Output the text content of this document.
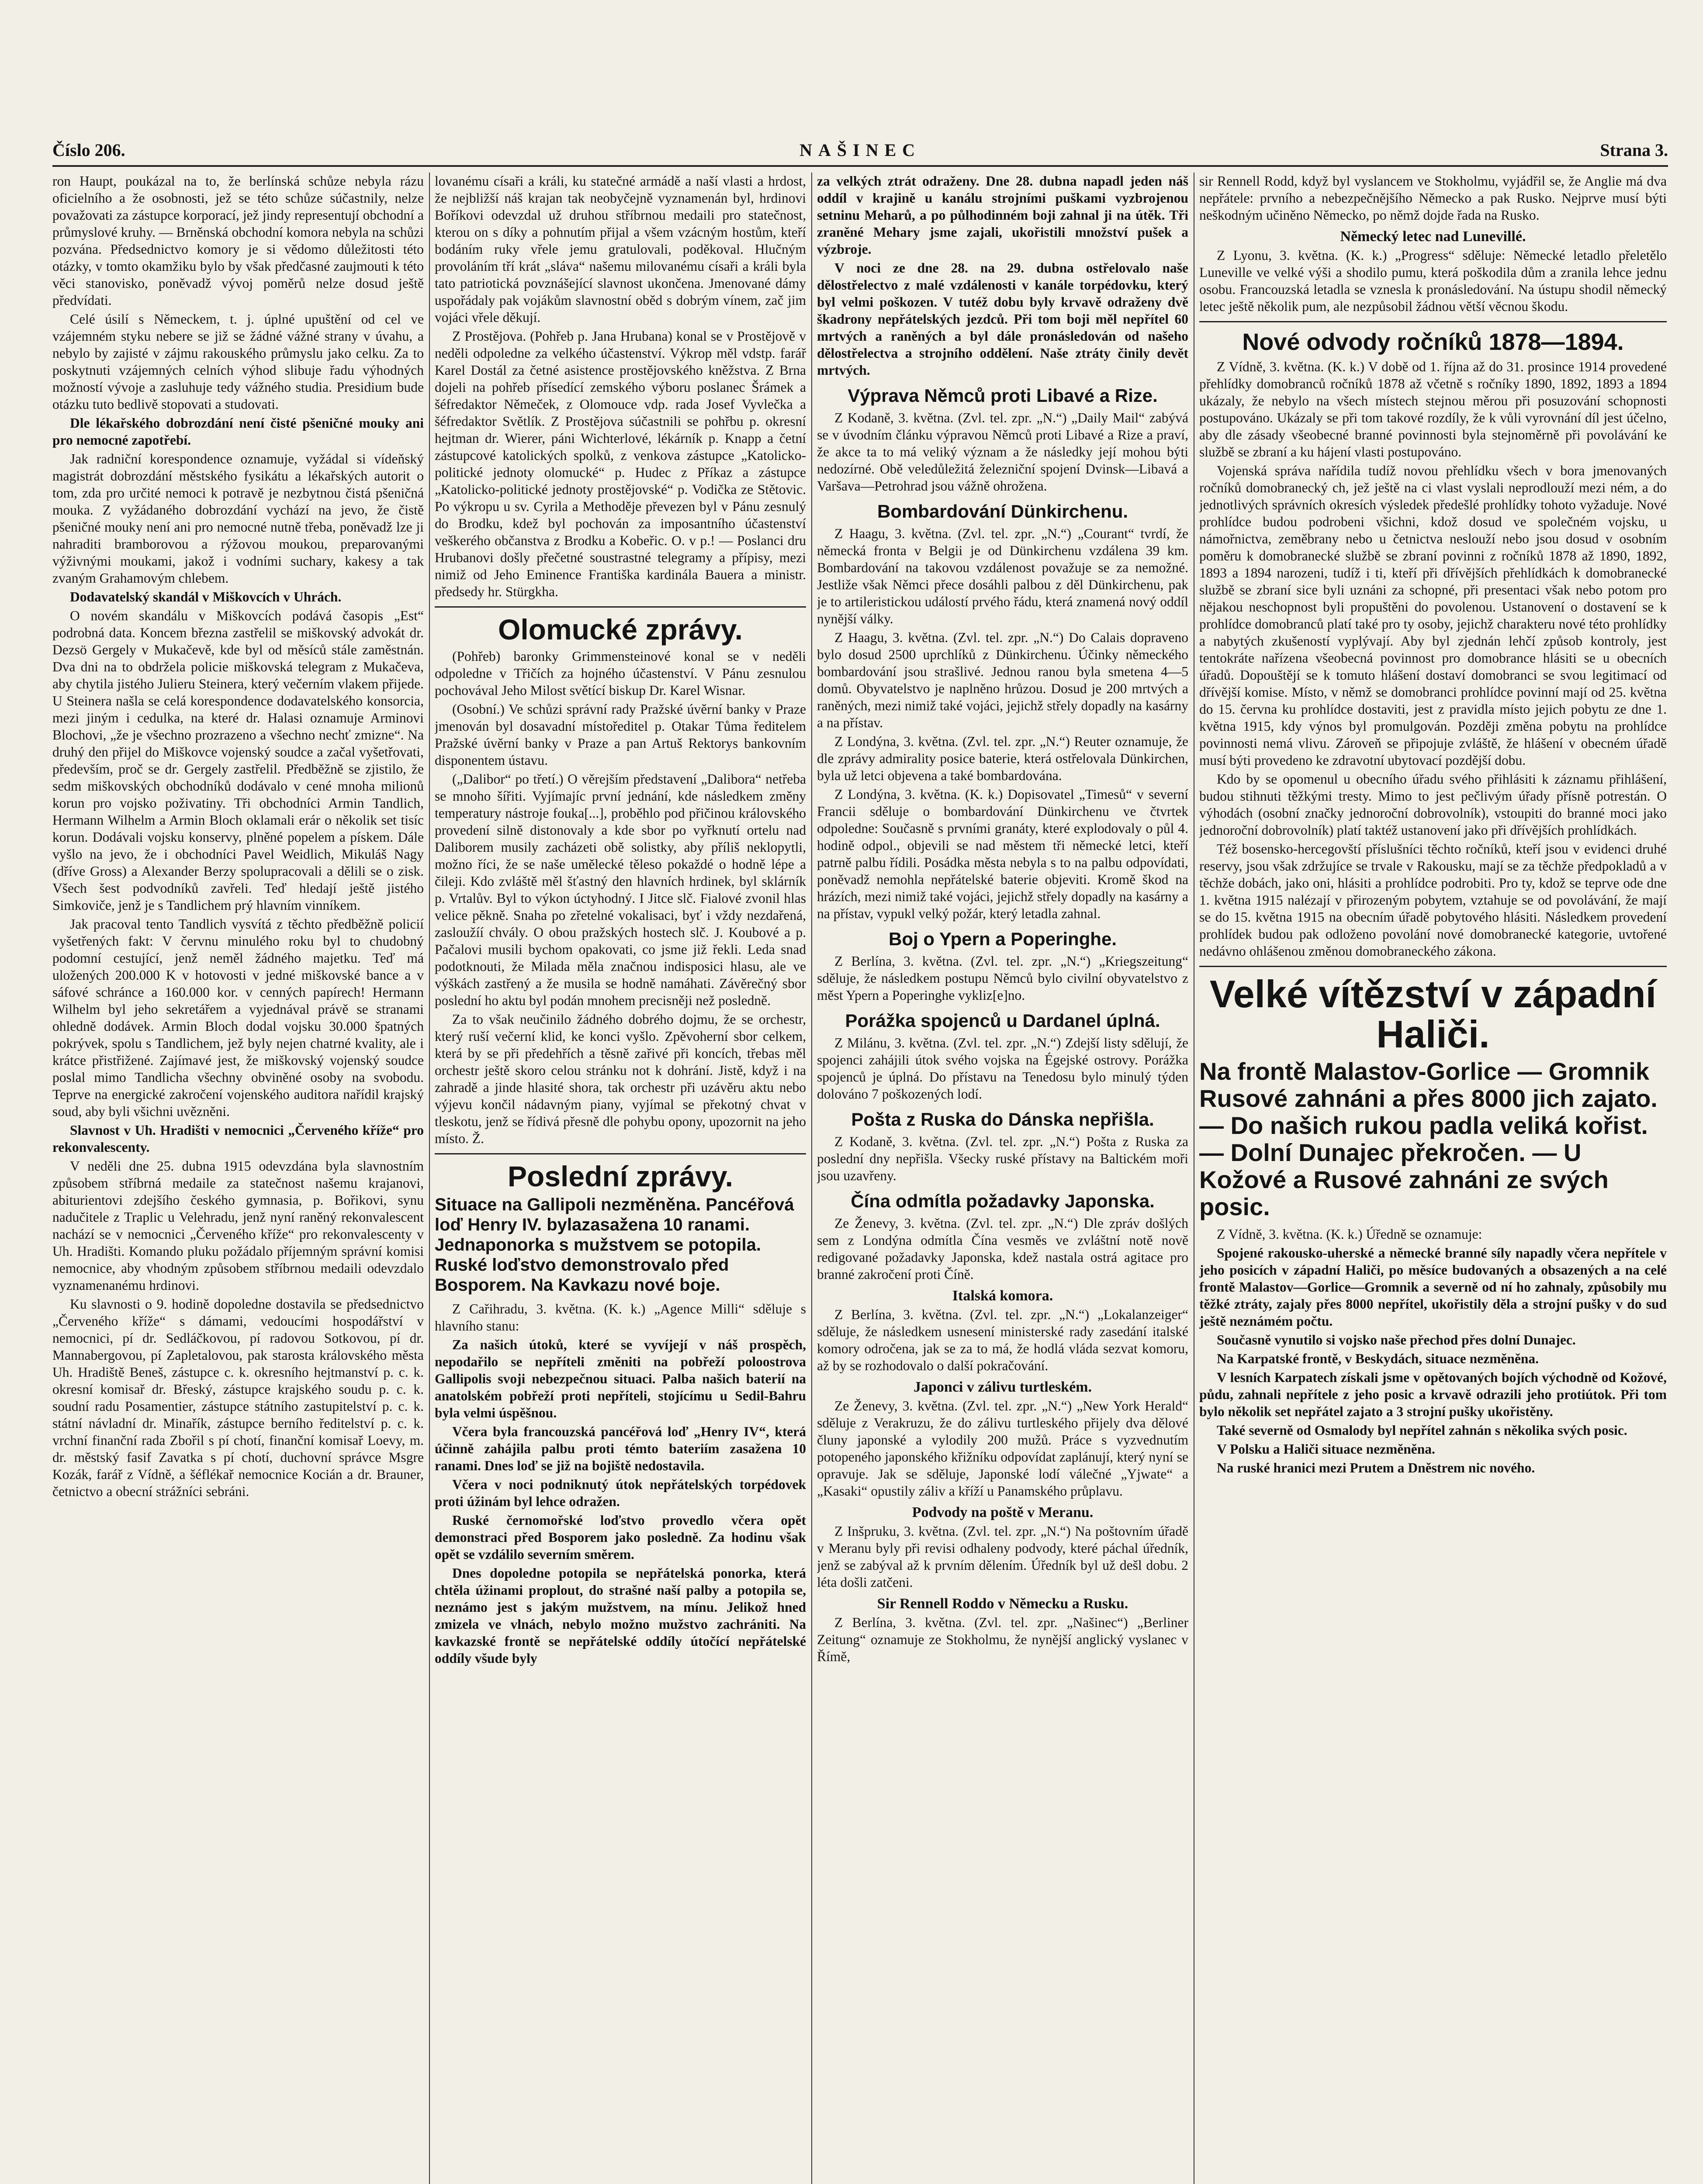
Číslo 206.	NAŠINEC	Strana 3.

ron Haupt, poukázal na to, že berlínská schůze nebyla rázu oficielního a že osobnosti, jež se této schůze súčastnily, nelze považovati za zástupce korporací, jež jindy representují obchodní a průmyslové kruhy. — Brněnská obchodní komora nebyla na schůzi pozvána. Předsednictvo komory je si vědomo důležitosti této otázky, v tomto okamžiku bylo by však předčasné zaujmouti k této věci stanovisko, poněvadž vývoj poměrů nelze dosud ještě předvídati.

Celé úsilí s Německem, t. j. úplné upuštění od cel ve vzájemném styku nebere se již se žádné vážné strany v úvahu, a nebylo by zajisté v zájmu rakouského průmyslu jako celku. Za to poskytnuti vzájemných celních výhod slibuje řadu výhodných možností vývoje a zasluhuje tedy vážného studia. Presidium bude otázku tuto bedlivě stopovati a studovati.

Dle lékařského dobrozdání není čisté pšeničné mouky ani pro nemocné zapotřebí.

Jak radniční korespondence oznamuje, vyžádal si vídeňský magistrát dobrozdání městského fysikátu a lékařských autorit o tom, zda pro určité nemoci k potravě je nezbytnou čistá pšeničná mouka. Z vyžádaného dobrozdání vychází na jevo, že čistě pšeničné mouky není ani pro nemocné nutně třeba, poněvadž lze ji nahraditi bramborovou a rýžovou moukou, preparovanými výživnými moukami, jakož i vodními suchary, kakesy a tak zvaným Grahamovým chlebem.

Dodavatelský skandál v Miškovcích v Uhrách.

O novém skandálu v Miškovcích podává časopis „Est“ podrobná data. Koncem března zastřelil se miškovský advokát dr. Dezsö Gergely v Mukačevě, kde byl od měsíců stále zaměstnán. Dva dni na to obdržela policie miškovská telegram z Mukačeva, aby chytila jistého Julieru Steinera, který večerním vlakem přijede. U Steinera našla se celá korespondence dodavatelského konsorcia, mezi jiným i cedulka, na které dr. Halasi oznamuje Arminovi Blochovi, „že je všechno prozrazeno a všechno nechť zmizne“. Na druhý den přijel do Miškovce vojenský soudce a začal vyšetřovati, především, proč se dr. Gergely zastřelil. Předběžně se zjistilo, že sedm miškovských obchodníků dodávalo v cené mnoha milionů korun pro vojsko poživatiny. Tři obchodníci Armin Tandlich, Hermann Wilhelm a Armin Bloch oklamali erár o několik set tisíc korun. Dodávali vojsku konservy, plněné popelem a pískem. Dále vyšlo na jevo, že i obchodníci Pavel Weidlich, Mikuláš Nagy (dříve Gross) a Alexander Berzy spolupracovali a dělili se o zisk. Všech šest podvodníků zavřeli. Teď hledají ještě jistého Simkoviče, jenž je s Tandlichem prý hlavním vinníkem.

Jak pracoval tento Tandlich vysvítá z těchto předběžně policií vyšetřených fakt: V červnu minulého roku byl to chudobný podomní cestující, jenž neměl žádného majetku. Teď má uložených 200.000 K v hotovosti v jedné miškovské bance a v sáfové schránce a 160.000 kor. v cenných papírech! Hermann Wilhelm byl jeho sekretářem a vyjednával právě se stranami ohledně dodávek. Armin Bloch dodal vojsku 30.000 špatných pokrývek, spolu s Tandlichem, jež byly nejen chatrné kvality, ale i krátce přistřižené. Zajímavé jest, že miškovský vojenský soudce poslal mimo Tandlicha všechny obviněné osoby na svobodu. Teprve na energické zakročení vojenského auditora nařídil krajský soud, aby byli všichni uvězněni.

Slavnost v Uh. Hradišti v nemocnici „Červeného kříže“ pro rekonvalescenty.

V neděli dne 25. dubna 1915 odevzdána byla slavnostním způsobem stříbrná medaile za statečnost našemu krajanovi, abiturientovi zdejšího českého gymnasia, p. Bořikovi, synu nadučitele z Traplic u Velehradu, jenž nyní raněný rekonvalescent nachází se v nemocnici „Červeného kříže“ pro rekonvalescenty v Uh. Hradišti. Komando pluku požádalo příjemným správní komisi nemocnice, aby vhodným způsobem stříbrnou medaili odevzdalo vyznamenanému hrdinovi.

Ku slavnosti o 9. hodině dopoledne dostavila se předsednictvo „Červeného kříže“ s dámami, vedoucími hospodářství v nemocnici, pí dr. Sedláčkovou, pí radovou Sotkovou, pí dr. Mannabergovou, pí Zapletalovou, pak starosta královského města Uh. Hradiště Beneš, zástupce c. k. okresního hejtmanství p. c. k. okresní komisař dr. Břeský, zástupce krajského soudu p. c. k. soudní radu Posamentier, zástupce státního zastupitelství p. c. k. státní návladní dr. Minařík, zástupce berního ředitelství p. c. k. vrchní finanční rada Zbořil s pí chotí, finanční komisař Loevy, m. dr. městský fasif Zavatka s pí chotí, duchovní správce Msgre Kozák, farář z Vídně, a šéflékař nemocnice Kocián a dr. Brauner, četnictvo a obecní strážníci sebráni.

lovanému císaři a králi, ku statečné armádě a naší vlasti a hrdost, že nejbližší náš krajan tak neobyčejně vyznamenán byl, hrdinovi Boříkovi odevzdal už druhou stříbrnou medaili pro statečnost, kterou on s díky a pohnutím přijal a všem vzácným hostům, kteří bodáním ruky vřele jemu gratulovali, poděkoval. Hlučným provoláním tří krát „sláva“ našemu milovanému císaři a králi byla tato patriotická povznášející slavnost ukončena. Jmenované dámy uspořádaly pak vojákům slavnostní oběd s dobrým vínem, zač jim vojáci vřele děkují.

Z Prostějova. (Pohřeb p. Jana Hrubana) konal se v Prostějově v neděli odpoledne za velkého účastenství. Výkrop měl vdstp. farář Karel Dostál za četné asistence prostějovského kněžstva. Z Brna dojeli na pohřeb přísedící zemského výboru poslanec Šrámek a šéfredaktor Němeček, z Olomouce vdp. rada Josef Vyvlečka a šéfredaktor Světlík. Z Prostějova súčastnili se pohřbu p. okresní hejtman dr. Wierer, páni Wichterlové, lékárník p. Knapp a četní zástupcové katolických spolků, z venkova zástupce „Katolicko-politické jednoty olomucké“ p. Hudec z Příkaz a zástupce „Katolicko-politické jednoty prostějovské“ p. Vodička ze Stětovic. Po výkropu u sv. Cyrila a Methoděje převezen byl v Pánu zesnulý do Brodku, kdež byl pochován za imposantního účastenství veškerého občanstva z Brodku a Kobeřic. O. v p.! — Poslanci dru Hrubanovi došly přečetné soustrastné telegramy a přípisy, mezi nimiž od Jeho Eminence Františka kardinála Bauera a ministr. předsedy hr. Stürgkha.

Olomucké zprávy.

(Pohřeb) baronky Grimmensteinové konal se v neděli odpoledne v Třičích za hojného účastenství. V Pánu zesnulou pochovával Jeho Milost světící biskup Dr. Karel Wisnar.

(Osobní.) Ve schůzi správní rady Pražské úvěrní banky v Praze jmenován byl dosavadní místoředitel p. Otakar Tůma ředitelem Pražské úvěrní banky v Praze a pan Artuš Rektorys bankovním disponentem ústavu.

(„Dalibor“ po třetí.) O věrejším představení „Dalibora“ netřeba se mnoho šířiti. Vyjímajíc první jednání, kde následkem změny temperatury nástroje fouka[...], proběhlo pod přičinou královského provedení silně distonovaly a kde sbor po vyřknutí ortelu nad Daliborem musily zacházeti obě solistky, aby příliš neklopytli, možno říci, že se naše umělecké těleso pokaždé o hodně lépe a čileji. Kdo zvláště měl šťastný den hlavních hrdinek, byl sklárník p. Vrtalův. Byl to výkon úctyhodný. I Jitce slč. Fialové zvonil hlas velice pěkně. Snaha po zřetelné vokalisaci, byť i vždy nezdařená, zasloužíí chvály. O obou pražských hostech slč. J. Koubové a p. Pačalovi musili bychom opakovati, co jsme již řekli. Leda snad podotknouti, že Milada měla značnou indisposici hlasu, ale ve výškách zastřený a že musila se hodně namáhati. Závěrečný sbor poslední ho aktu byl podán mnohem precisněji než posledně.

Za to však neučinilo žádného dobrého dojmu, že se orchestr, který ruší večerní klid, ke konci vyšlo. Zpěvoherní sbor celkem, která by se při předehřích a těsně zařivé při koncích, třebas měl orchestr ještě skoro celou stránku not k dohrání. Jistě, když i na zahradě a jinde hlasité shora, tak orchestr při uzávěru aktu nebo výjevu končil nádavným piany, vyjímal se překotný chvat v tleskotu, jenž se řídivá přesně dle pohybu opony, upozornit na jeho místo. Ž.

Poslední zprávy.
Situace na Gallipoli nezměněna. Pancéřová loď Henry IV. bylazasažena 10 ranami. Jednaponorka s mužstvem se potopila. Ruské loďstvo demonstrovalo před Bosporem. Na Kavkazu nové boje.

Z Cařihradu, 3. května. (K. k.) „Agence Milli“ sděluje s hlavního stanu:

Za našich útoků, které se vyvíjejí v náš prospěch, nepodařilo se nepříteli změniti na pobřeží poloostrova Gallipolis svoji nebezpečnou situaci. Palba našich baterií na anatolském pobřeží proti nepříteli, stojícímu u Sedil-Bahru byla velmi úspěšnou.

Včera byla francouzská pancéřová loď „Henry IV“, která účinně zahájila palbu proti témto bateriím zasažena 10 ranami. Dnes loď se již na bojiště nedostavila.

Včera v noci podniknutý útok nepřátelských torpédovek proti úžinám byl lehce odražen.

Ruské černomořské loďstvo provedlo včera opět demonstraci před Bosporem jako posledně. Za hodinu však opět se vzdálilo severním směrem.

Dnes dopoledne potopila se nepřátelská ponorka, která chtěla úžinami proplout, do strašné naší palby a potopila se, neznámo jest s jakým mužstvem, na mínu. Jelikož hned zmizela ve vlnách, nebylo možno mužstvo zachrániti. Na kavkazské frontě se nepřátelské oddíly útočící nepřátelské oddíly všude byly

za velkých ztrát odraženy. Dne 28. dubna napadl jeden náš oddíl v krajině u kanálu strojními puškami vyzbrojenou setninu Meharů, a po půlhodinném boji zahnal ji na útěk. Tři zraněné Mehary jsme zajali, ukořistili množství pušek a výzbroje.

V noci ze dne 28. na 29. dubna ostřelovalo naše dělostřelectvo z malé vzdálenosti v kanále torpédovku, který byl velmi poškozen. V tutéž dobu byly krvavě odraženy dvě škadrony nepřátelských jezdců. Při tom boji měl nepřítel 60 mrtvých a raněných a byl dále pronásledován od našeho dělostřelectva a strojního oddělení. Naše ztráty činily devět mrtvých.

Výprava Němců proti Libavé a Rize.

Z Kodaně, 3. května. (Zvl. tel. zpr. „N.“) „Daily Mail“ zabývá se v úvodním článku výpravou Němců proti Libavé a Rize a praví, že akce ta to má veliký význam a že následky její mohou býti nedozírné. Obě veledůležitá železniční spojení Dvinsk—Libavá a Varšava—Petrohrad jsou vážně ohrožena.

Bombardování Dünkirchenu.

Z Haagu, 3. května. (Zvl. tel. zpr. „N.“) „Courant“ tvrdí, že německá fronta v Belgii je od Dünkirchenu vzdálena 39 km. Bombardování na takovou vzdálenost považuje se za nemožné. Jestliže však Němci přece dosáhli palbou z děl Dünkirchenu, pak je to artileristickou událostí prvého řádu, která znamená nový oddíl nynější války.

Z Haagu, 3. května. (Zvl. tel. zpr. „N.“) Do Calais dopraveno bylo dosud 2500 uprchlíků z Dünkirchenu. Účinky německého bombardování jsou strašlivé. Jednou ranou byla smetena 4—5 domů. Obyvatelstvo je naplněno hrůzou. Dosud je 200 mrtvých a raněných, mezi nimiž také vojáci, jejichž střely dopadly na kasárny a na přístav.

Z Londýna, 3. května. (Zvl. tel. zpr. „N.“) Reuter oznamuje, že dle zprávy admirality posice baterie, která ostřelovala Dünkirchen, byla už letci objevena a také bombardována.

Z Londýna, 3. května. (K. k.) Dopisovatel „Timesů“ v severní Francii sděluje o bombardování Dünkirchenu ve čtvrtek odpoledne: Současně s prvními granáty, které explodovaly o půl 4. hodině odpol., objevili se nad městem tři německé letci, kteří patrně palbu řídili. Posádka města nebyla s to na palbu odpovídati, poněvadž nemohla nepřátelské baterie objeviti. Kromě škod na hrázích, mezi nimiž také vojáci, jejichž střely dopadly na kasárny a na přístav, vypukl velký požár, který letadla zahnal.

Boj o Ypern a Poperinghe.

Z Berlína, 3. května. (Zvl. tel. zpr. „N.“) „Kriegszeitung“ sděluje, že následkem postupu Němců bylo civilní obyvatelstvo z měst Ypern a Poperinghe vykliz[e]no.

Porážka spojenců u Dardanel úplná.

Z Milánu, 3. května. (Zvl. tel. zpr. „N.“) Zdejší listy sdělují, že spojenci zahájili útok svého vojska na Égejské ostrovy. Porážka spojenců je úplná. Do přístavu na Tenedosu bylo minulý týden dolováno 7 poškozených lodí.

Pošta z Ruska do Dánska nepřišla.

Z Kodaně, 3. května. (Zvl. tel. zpr. „N.“) Pošta z Ruska za poslední dny nepřišla. Všecky ruské přístavy na Baltickém moři jsou uzavřeny.

Čína odmítla požadavky Japonska.

Ze Ženevy, 3. května. (Zvl. tel. zpr. „N.“) Dle zpráv došlých sem z Londýna odmítla Čína vesměs ve zvláštní notě nově redigované požadavky Japonska, kdež nastala ostrá agitace pro branné zakročení proti Číně.

Italská komora.

Z Berlína, 3. května. (Zvl. tel. zpr. „N.“) „Lokalanzeiger“ sděluje, že následkem usnesení ministerské rady zasedání italské komory odročena, jak se za to má, že hodlá vláda sezvat komoru, až by se rozhodovalo o další pokračování.

Japonci v zálivu turtleském.

Ze Ženevy, 3. května. (Zvl. tel. zpr. „N.“) „New York Herald“ sděluje z Verakruzu, že do zálivu turtleského přijely dva dělové čluny japonské a vylodily 200 mužů. Práce s vyzvednutím potopeného japonského křižníku odpovídat zaplánují, který nyní se opravuje. Jak se sděluje, Japonské lodí válečné „Yjwate“ a „Kasaki“ opustily záliv a kříží u Panamského průplavu.

Podvody na poště v Meranu.

Z Inšpruku, 3. května. (Zvl. tel. zpr. „N.“) Na poštovním úřadě v Meranu byly při revisi odhaleny podvody, které páchal úředník, jenž se zabýval až k prvním dělením. Úředník byl už dešl dobu. 2 léta došli zatčeni.

Sir Rennell Roddo v Německu a Rusku.

Z Berlína, 3. května. (Zvl. tel. zpr. „Našinec“) „Berliner Zeitung“ oznamuje ze Stokholmu, že nynější anglický vyslanec v Římě,

sir Rennell Rodd, když byl vyslancem ve Stokholmu, vyjádřil se, že Anglie má dva nepřátele: prvního a nebezpečnějšího Německo a pak Rusko. Nejprve musí býti neškodným učiněno Německo, po němž dojde řada na Rusko.

Německý letec nad Lunevillé.

Z Lyonu, 3. května. (K. k.) „Progress“ sděluje: Německé letadlo přeletělo Luneville ve velké výši a shodilo pumu, která poškodila dům a zranila lehce jednu osobu. Francouzská letadla se vznesla k pronásledování. Na ústupu shodil německý letec ještě několik pum, ale nezpůsobil žádnou větší věcnou škodu.

Nové odvody ročníků 1878—1894.

Z Vídně, 3. května. (K. k.) V době od 1. října až do 31. prosince 1914 provedené přehlídky domobranců ročníků 1878 až včetně s ročníky 1890, 1892, 1893 a 1894 ukázaly, že nebylo na všech místech stejnou měrou při posuzování schopnosti postupováno. Ukázaly se při tom takové rozdíly, že k vůli vyrovnání díl jest účelno, aby dle zásady všeobecné branné povinnosti byla stejnoměrně při povolávání ke službě se zbraní a ku hájení vlasti postupováno.

Vojenská správa nařídila tudíž novou přehlídku všech v bora jmenovaných ročníků domobranecký ch, jež ještě na ci vlast vyslali neprodlouží mezi ném, a do jednotlivých správních okresích výsledek předešlé prohlídky tohoto vyžaduje. Nové prohlídce budou podrobeni všichni, kdož dosud ve společném vojsku, u námořnictva, zeměbrany nebo u četnictva neslouží nebo jsou dosud v osobním poměru k domobranecké službě se zbraní povinni z ročníků 1878 až 1890, 1892, 1893 a 1894 narozeni, tudíž i ti, kteří při dřívějších přehlídkách k domobranecké službě se zbraní sice byli uznáni za schopné, při presentaci však nebo potom pro nějakou neschopnost byli propuštěni do povolenou. Ustanovení o dostavení se k prohlídce domobranců platí také pro ty osoby, jejichž charakteru nové této prohlídky a nabytých zkušeností vyplývají. Aby byl zjednán lehčí způsob kontroly, jest tentokráte nařízena všeobecná povinnost pro domobrance hlásiti se u obecních úřadů. Dopouštějí se k tomuto hlášení dostaví domobranci se svou legitimací od dřívější komise. Místo, v němž se domobranci prohlídce povinní mají od 25. května do 15. června ku prohlídce dostaviti, jest z pravidla místo jejich pobytu ze dne 1. května 1915, kdy výnos byl promulgován. Později změna pobytu na prohlídce povinnosti nemá vlivu. Zároveň se připojuje zvláště, že hlášení v obecném úřadě musí býti provedeno ke zdravotní ubytovací pozdější dobu.

Kdo by se opomenul u obecního úřadu svého přihlásiti k záznamu přihlášení, budou stihnuti těžkými tresty. Mimo to jest pečlivým úřady přísně potrestán. O výhodách (osobní značky jednoroční dobrovolník), vstoupiti do branné moci jako jednoroční dobrovolník) platí taktéž ustanovení jako při dřívějších prohlídkách.

Též bosensko-hercegovští příslušníci těchto ročníků, kteří jsou v evidenci druhé reservy, jsou však zdržujíce se trvale v Rakousku, mají se za těchže předpokladů a v těchže dobách, jako oni, hlásiti a prohlídce podrobiti. Pro ty, kdož se teprve ode dne 1. května 1915 nalézají v přirozeným pobytem, vztahuje se od povolávání, že mají se do 15. května 1915 na obecním úřadě pobytového hlásiti. Následkem provedení prohlídek budou pak odloženo povolání nové domobranecké kategorie, uvtořené nedávno ohlášenou změnou domobraneckého zákona.

Velké vítězství v západní Haliči.
Na frontě Malastov-Gorlice — Gromnik Rusové zahnáni a přes 8000 jich zajato. — Do našich rukou padla veliká kořist. — Dolní Dunajec překročen. — U Kožové a Rusové zahnáni ze svých posic.

Z Vídně, 3. května. (K. k.) Úředně se oznamuje:

Spojené rakousko-uherské a německé branné síly napadly včera nepřítele v jeho posicích v západní Haliči, po měsíce budovaných a obsazených a na celé frontě Malastov—Gorlice—Gromnik a severně od ní ho zahnaly, způsobily mu těžké ztráty, zajaly přes 8000 nepřítel, ukořistily děla a strojní pušky v do sud ještě neznámém počtu.

Současně vynutilo si vojsko naše přechod přes dolní Dunajec.

Na Karpatské frontě, v Beskydách, situace nezměněna.

V lesních Karpatech získali jsme v opětovaných bojích východně od Kožové, půdu, zahnali nepřítele z jeho posic a krvavě odrazili jeho protiútok. Při tom bylo několik set nepřátel zajato a 3 strojní pušky ukořistěny.

Také severně od Osmalody byl nepřítel zahnán s několika svých posic.

V Polsku a Haliči situace nezměněna.

Na ruské hranici mezi Prutem a Dněstrem nic nového.
